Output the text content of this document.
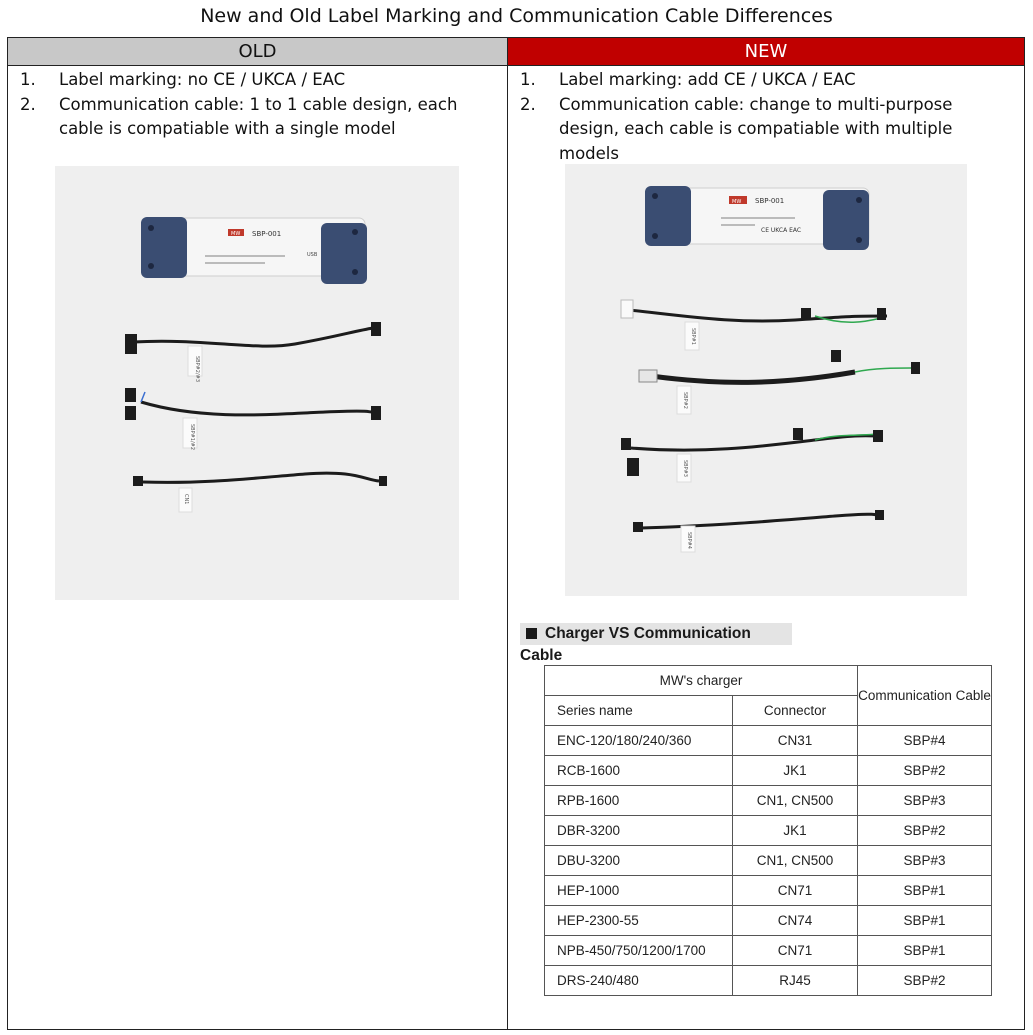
New and Old Label Marking and Communication Cable Differences
OLD	NEW
1. Label marking: no CE / UKCA / EAC
2. Communication cable: 1 to 1 cable design, each cable is compatiable with a single model
1. Label marking: add CE / UKCA / EAC
2. Communication cable: change to multi-purpose design, each cable is compatiable with multiple models
SBP-001
MW
USB
SBP#2/#3
SBP#1/#2
CN1
MW SBP-001
CE UKCA EAC
SBP#1
SBP#2
SBP#3
SBP#4
Charger VS Communication Cable
MW's charger		Communication Cable
Series name	Connector	
ENC-120/180/240/360	CN31	SBP#4
RCB-1600	JK1	SBP#2
RPB-1600	CN1, CN500	SBP#3
DBR-3200	JK1	SBP#2
DBU-3200	CN1, CN500	SBP#3
HEP-1000	CN71	SBP#1
HEP-2300-55	CN74	SBP#1
NPB-450/750/1200/1700	CN71	SBP#1
DRS-240/480	RJ45	SBP#2
